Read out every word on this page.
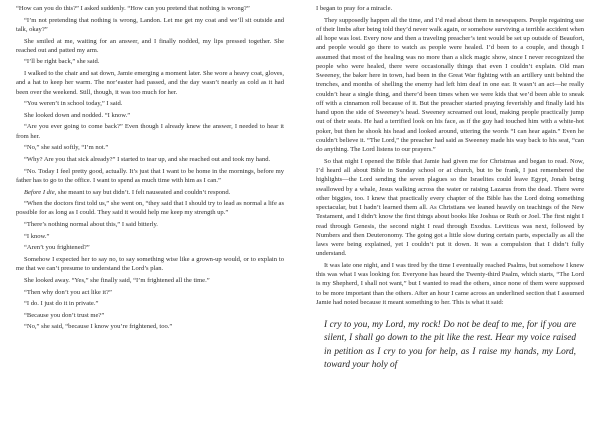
“How can you do this?” I asked suddenly. “How can you pretend that nothing is wrong?”

“I’m not pretending that nothing is wrong, Landon. Let me get my coat and we’ll sit outside and talk, okay?”

She smiled at me, waiting for an answer, and I finally nodded, my lips pressed together. She reached out and patted my arm.

“I’ll be right back,” she said.

I walked to the chair and sat down, Jamie emerging a moment later. She wore a heavy coat, gloves, and a hat to keep her warm. The nor’easter had passed, and the day wasn’t nearly as cold as it had been over the weekend. Still, though, it was too much for her.

“You weren’t in school today,” I said.

She looked down and nodded. “I know.”

“Are you ever going to come back?” Even though I already knew the answer, I needed to hear it from her.

“No,” she said softly, “I’m not.”

“Why? Are you that sick already?” I started to tear up, and she reached out and took my hand.

“No. Today I feel pretty good, actually. It’s just that I want to be home in the mornings, before my father has to go to the office. I want to spend as much time with him as I can.”

Before I die, she meant to say but didn’t. I felt nauseated and couldn’t respond.

“When the doctors first told us,” she went on, “they said that I should try to lead as normal a life as possible for as long as I could. They said it would help me keep my strength up.”

“There’s nothing normal about this,” I said bitterly.

“I know.”

“Aren’t you frightened?”

Somehow I expected her to say no, to say something wise like a grown-up would, or to explain to me that we can’t presume to understand the Lord’s plan.

She looked away. “Yes,” she finally said, “I’m frightened all the time.”

“Then why don’t you act like it?”

“I do. I just do it in private.”

“Because you don’t trust me?”

“No,” she said, “because I know you’re frightened, too.”

I began to pray for a miracle.

They supposedly happen all the time, and I’d read about them in newspapers. People regaining use of their limbs after being told they’d never walk again, or somehow surviving a terrible accident when all hope was lost. Every now and then a traveling preacher’s tent would be set up outside of Beaufort, and people would go there to watch as people were healed. I’d been to a couple, and though I assumed that most of the healing was no more than a slick magic show, since I never recognized the people who were healed, there were occasionally things that even I couldn’t explain. Old man Sweeney, the baker here in town, had been in the Great War fighting with an artillery unit behind the trenches, and months of shelling the enemy had left him deaf in one ear. It wasn’t an act—he really couldn’t hear a single thing, and there’d been times when we were kids that we’d been able to sneak off with a cinnamon roll because of it. But the preacher started praying feverishly and finally laid his hand upon the side of Sweeney’s head. Sweeney screamed out loud, making people practically jump out of their seats. He had a terrified look on his face, as if the guy had touched him with a white-hot poker, but then he shook his head and looked around, uttering the words “I can hear again.” Even he couldn’t believe it. “The Lord,” the preacher had said as Sweeney made his way back to his seat, “can do anything. The Lord listens to our prayers.”

So that night I opened the Bible that Jamie had given me for Christmas and began to read. Now, I’d heard all about Bible in Sunday school or at church, but to be frank, I just remembered the highlights—the Lord sending the seven plagues so the Israelites could leave Egypt, Jonah being swallowed by a whale, Jesus walking across the water or raising Lazarus from the dead. There were other biggies, too. I knew that practically every chapter of the Bible has the Lord doing something spectacular, but I hadn’t learned them all. As Christians we leaned heavily on teachings of the New Testament, and I didn’t know the first things about books like Joshua or Ruth or Joel. The first night I read through Genesis, the second night I read through Exodus. Leviticus was next, followed by Numbers and then Deuteronomy. The going got a little slow during certain parts, especially as all the laws were being explained, yet I couldn’t put it down. It was a compulsion that I didn’t fully understand.

It was late one night, and I was tired by the time I eventually reached Psalms, but somehow I knew this was what I was looking for. Everyone has heard the Twenty-third Psalm, which starts, “The Lord is my Shepherd, I shall not want,” but I wanted to read the others, since none of them were supposed to be more important than the others. After an hour I came across an underlined section that I assumed Jamie had noted because it meant something to her. This is what it said:

I cry to you, my Lord, my rock! Do not be deaf to me, for if you are silent, I shall go down to the pit like the rest. Hear my voice raised in petition as I cry to you for help, as I raise my hands, my Lord, toward your holy of
